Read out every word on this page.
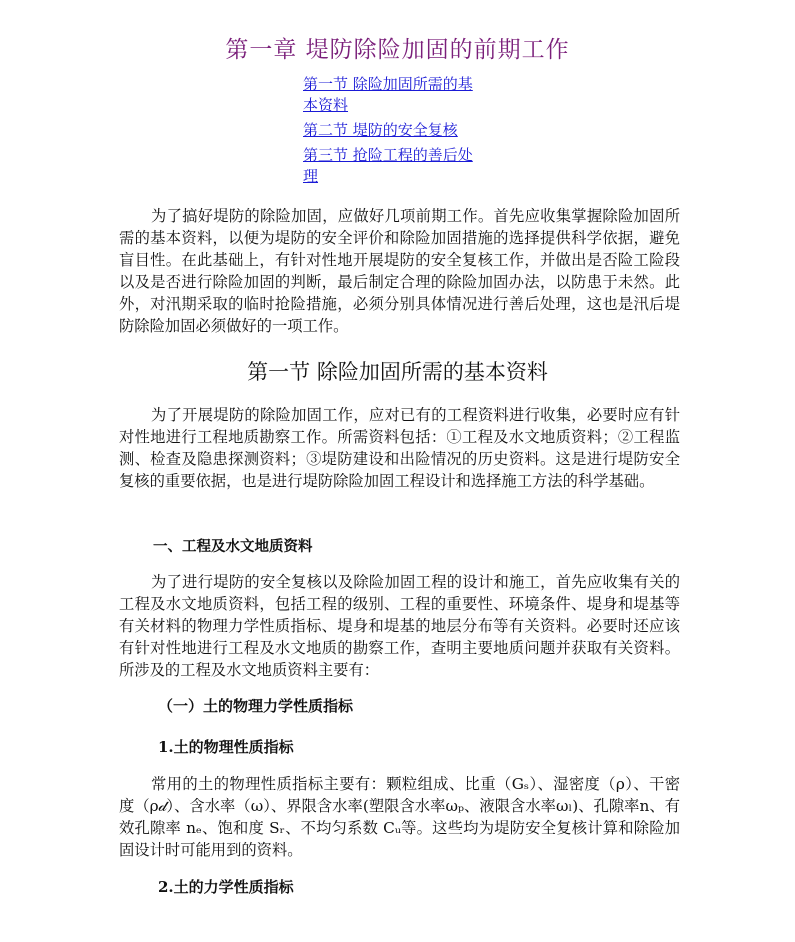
第一章 堤防除险加固的前期工作
第一节 除险加固所需的基本资料
第二节 堤防的安全复核
第三节 抢险工程的善后处理

为了搞好堤防的除险加固，应做好几项前期工作。首先应收集掌握除险加固所需的基本资料，以便为堤防的安全评价和除险加固措施的选择提供科学依据，避免盲目性。在此基础上，有针对性地开展堤防的安全复核工作，并做出是否险工险段以及是否进行除险加固的判断，最后制定合理的除险加固办法，以防患于未然。此外，对汛期采取的临时抢险措施，必须分别具体情况进行善后处理，这也是汛后堤防除险加固必须做好的一项工作。

第一节 除险加固所需的基本资料

为了开展堤防的除险加固工作，应对已有的工程资料进行收集，必要时应有针对性地进行工程地质勘察工作。所需资料包括：①工程及水文地质资料；②工程监测、检查及隐患探测资料；③堤防建设和出险情况的历史资料。这是进行堤防安全复核的重要依据，也是进行堤防除险加固工程设计和选择施工方法的科学基础。

一、工程及水文地质资料

为了进行堤防的安全复核以及除险加固工程的设计和施工，首先应收集有关的工程及水文地质资料，包括工程的级别、工程的重要性、环境条件、堤身和堤基等有关材料的物理力学性质指标、堤身和堤基的地层分布等有关资料。必要时还应该有针对性地进行工程及水文地质的勘察工作，查明主要地质问题并获取有关资料。所涉及的工程及水文地质资料主要有：

（一）土的物理力学性质指标
1.土的物理性质指标

常用的土的物理性质指标主要有：颗粒组成、比重（Gₛ）、湿密度（ρ）、干密度（ρ𝒹）、含水率（ω）、界限含水率(塑限含水率ωₚ、液限含水率ωₗ)、孔隙率n、有效孔隙率 nₑ、饱和度 Sᵣ、不均匀系数 Cᵤ等。这些均为堤防安全复核计算和除险加固设计时可能用到的资料。

2.土的力学性质指标
